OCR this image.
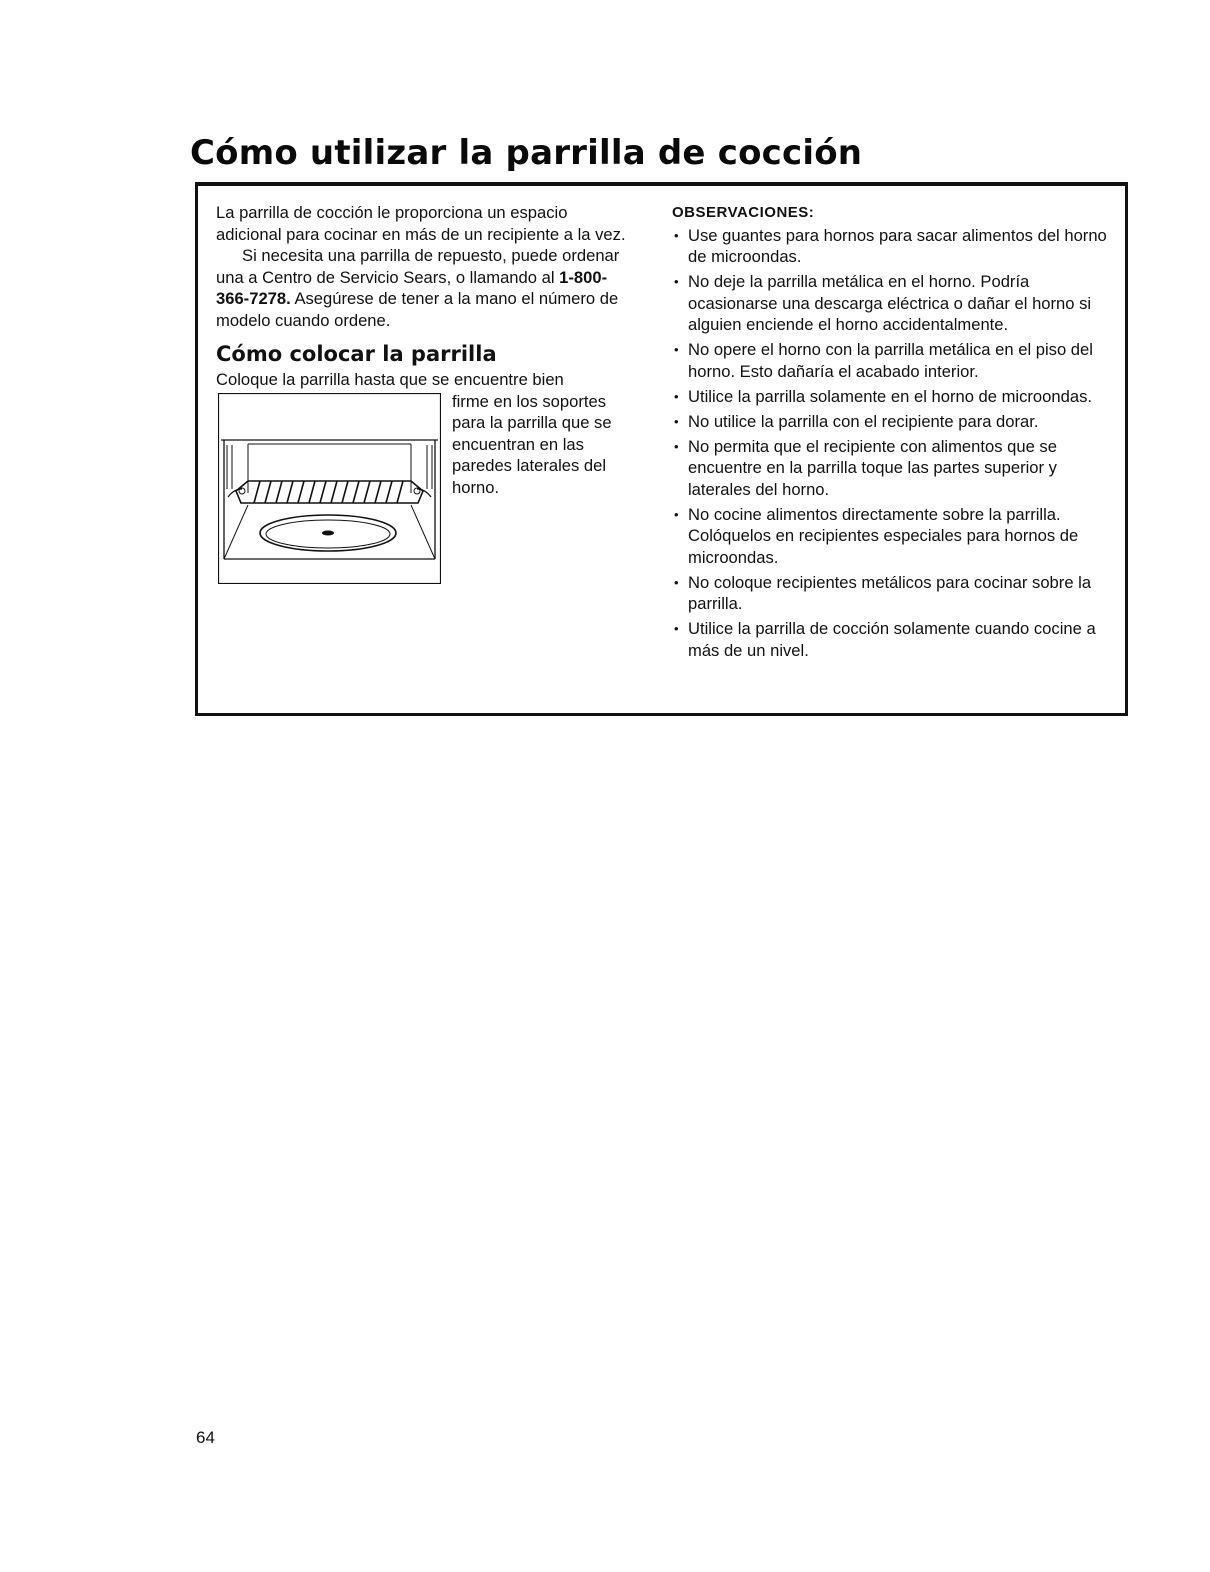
Cómo utilizar la parrilla de cocción

La parrilla de cocción le proporciona un espacio adicional para cocinar en más de un recipiente a la vez.

Si necesita una parrilla de repuesto, puede ordenar una a Centro de Servicio Sears, o llamando al 1-800-366-7278. Asegúrese de tener a la mano el número de modelo cuando ordene.

Cómo colocar la parrilla

Coloque la parrilla hasta que se encuentre bien

firme en los soportes para la parrilla que se encuentran en las paredes laterales del horno.

OBSERVACIONES:
• Use guantes para hornos para sacar alimentos del horno de microondas.
• No deje la parrilla metálica en el horno. Podría ocasionarse una descarga eléctrica o dañar el horno si alguien enciende el horno accidentalmente.
• No opere el horno con la parrilla metálica en el piso del horno. Esto dañaría el acabado interior.
• Utilice la parrilla solamente en el horno de microondas.
• No utilice la parrilla con el recipiente para dorar.
• No permita que el recipiente con alimentos que se encuentre en la parrilla toque las partes superior y laterales del horno.
• No cocine alimentos directamente sobre la parrilla. Colóquelos en recipientes especiales para hornos de microondas.
• No coloque recipientes metálicos para cocinar sobre la parrilla.
• Utilice la parrilla de cocción solamente cuando cocine a más de un nivel.
64
